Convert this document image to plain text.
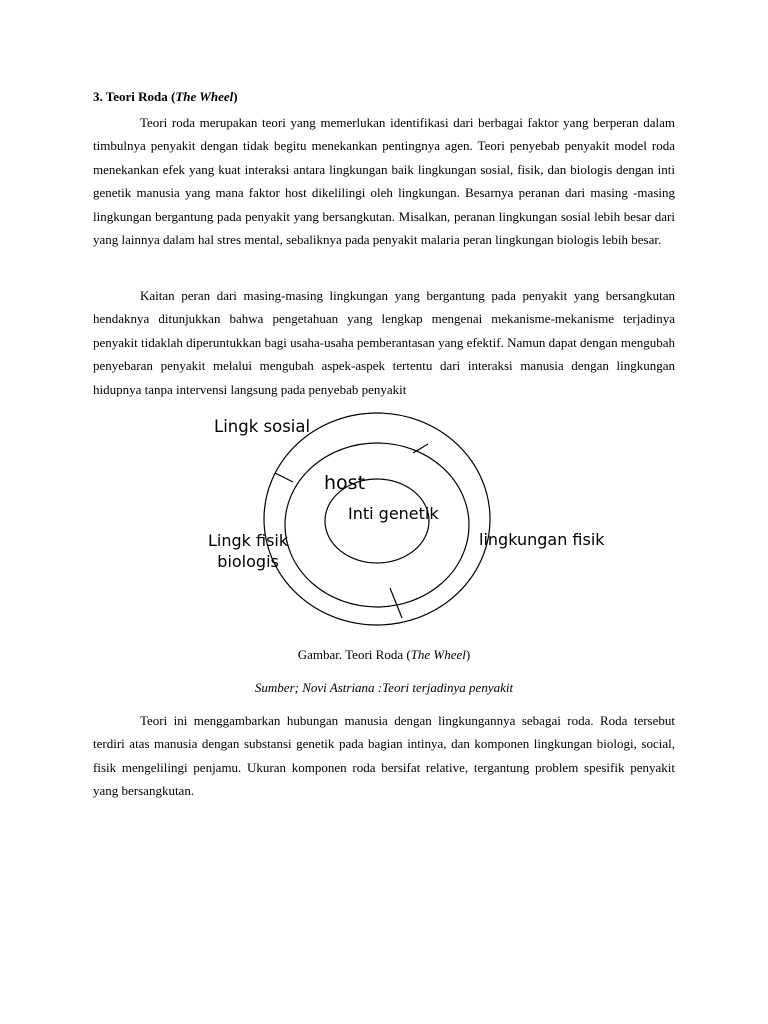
3. Teori Roda (The Wheel)

Teori roda merupakan teori yang memerlukan identifikasi dari berbagai faktor yang berperan dalam timbulnya penyakit dengan tidak begitu menekankan pentingnya agen. Teori penyebab penyakit model roda menekankan efek yang kuat interaksi antara lingkungan baik lingkungan sosial, fisik, dan biologis dengan inti genetik manusia yang mana faktor host dikelilingi oleh lingkungan. Besarnya peranan dari masing -masing lingkungan bergantung pada penyakit yang bersangkutan. Misalkan, peranan lingkungan sosial lebih besar dari yang lainnya dalam hal stres mental, sebaliknya pada penyakit malaria peran lingkungan biologis lebih besar.

Kaitan peran dari masing-masing lingkungan yang bergantung pada penyakit yang bersangkutan hendaknya ditunjukkan bahwa pengetahuan yang lengkap mengenai mekanisme-mekanisme terjadinya penyakit tidaklah diperuntukkan bagi usaha-usaha pemberantasan yang efektif. Namun dapat dengan mengubah penyebaran penyakit melalui mengubah aspek-aspek tertentu dari interaksi manusia dengan lingkungan hidupnya tanpa intervensi langsung pada penyebab penyakit

Lingk sosial
host
Inti genetik
Lingk fisik
biologis
lingkungan fisik
Gambar. Teori Roda (The Wheel)
Sumber; Novi Astriana :Teori terjadinya penyakit

Teori ini menggambarkan hubungan manusia dengan lingkungannya sebagai roda. Roda tersebut terdiri atas manusia dengan substansi genetik pada bagian intinya, dan komponen lingkungan biologi, social, fisik mengelilingi penjamu. Ukuran komponen roda bersifat relative, tergantung problem spesifik penyakit yang bersangkutan.
